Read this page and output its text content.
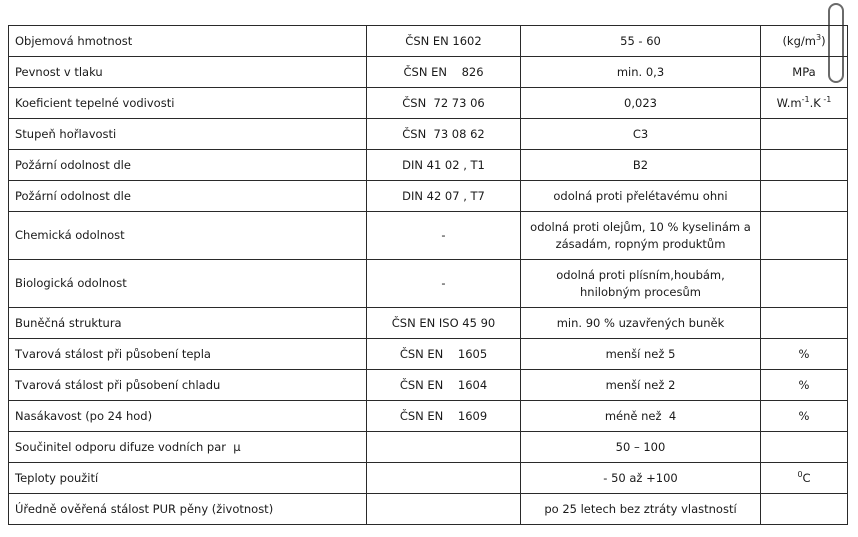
Objemová hmotnost	ČSN EN 1602	55 - 60	$(kg/m^3)$
Pevnost v tlaku	ČSN EN    826	min. 0,3	MPa
Koeficient tepelné vodivosti	ČSN  72 73 06	0,023	$W.m^{-1}.K$ $^{-1}$
Stupeň hořlavosti	ČSN  73 08 62	C3	
Požární odolnost dle	DIN 41 02 , T1	B2	
Požární odolnost dle	DIN 42 07 , T7	odolná proti přelétavému ohni	
Chemická odolnost	-	odolná proti olejům, 10 % kyselinám a zásadám, ropným produktům	
Biologická odolnost	-	odolná proti plísním,houbám, hnilobným procesům	
Buněčná struktura	ČSN EN ISO 45 90	min. 90 % uzavřených buněk	
Tvarová stálost při působení tepla	ČSN EN    1605	menší než 5	%
Tvarová stálost při působení chladu	ČSN EN    1604	menší než 2	%
Nasákavost (po 24 hod)	ČSN EN    1609	méně než  4	%
Součinitel odporu difuze vodních par  μ		50 – 100	
Teploty použití		- 50 až +100	$^0$C
Úředně ověřená stálost PUR pěny (životnost)		po 25 letech bez ztráty vlastností	
